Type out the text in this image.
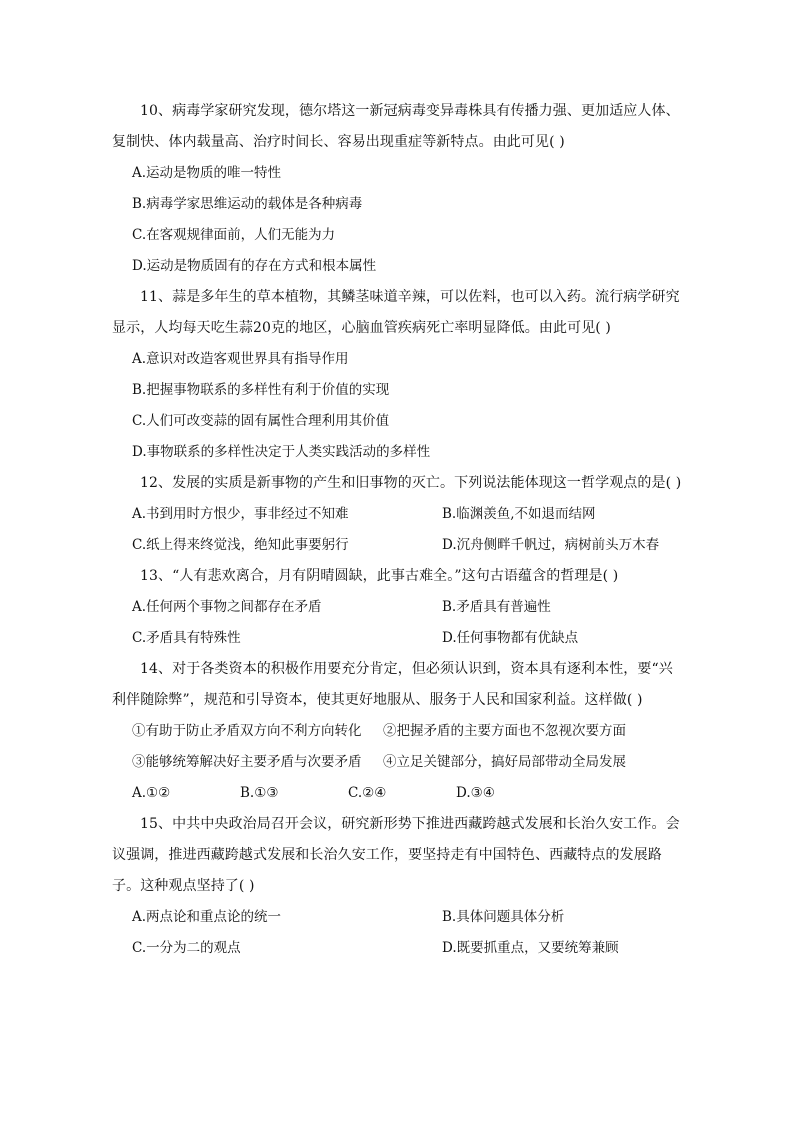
10、病毒学家研究发现，德尔塔这一新冠病毒变异毒株具有传播力强、更加适应人体、复制快、体内载量高、治疗时间长、容易出现重症等新特点。由此可见( )

A.运动是物质的唯一特性

B.病毒学家思维运动的载体是各种病毒

C.在客观规律面前，人们无能为力

D.运动是物质固有的存在方式和根本属性

11、蒜是多年生的草本植物，其鳞茎味道辛辣，可以佐料，也可以入药。流行病学研究显示，人均每天吃生蒜20克的地区，心脑血管疾病死亡率明显降低。由此可见( )

A.意识对改造客观世界具有指导作用

B.把握事物联系的多样性有利于价值的实现

C.人们可改变蒜的固有属性合理利用其价值

D.事物联系的多样性决定于人类实践活动的多样性

12、发展的实质是新事物的产生和旧事物的灭亡。下列说法能体现这一哲学观点的是( )

A.书到用时方恨少，事非经过不知难	B.临渊羡鱼,不如退而结网
C.纸上得来终觉浅，绝知此事要躬行	D.沉舟侧畔千帆过，病树前头万木春

13、“人有悲欢离合，月有阴晴圆缺，此事古难全。”这句古语蕴含的哲理是( )

A.任何两个事物之间都存在矛盾	B.矛盾具有普遍性
C.矛盾具有特殊性	D.任何事物都有优缺点

14、对于各类资本的积极作用要充分肯定，但必须认识到，资本具有逐利本性，要“兴利伴随除弊”，规范和引导资本，使其更好地服从、服务于人民和国家利益。这样做( )

①有助于防止矛盾双方向不利方向转化	②把握矛盾的主要方面也不忽视次要方面
③能够统筹解决好主要矛盾与次要矛盾	④立足关键部分，搞好局部带动全局发展
A.①②	B.①③	C.②④	D.③④

15、中共中央政治局召开会议，研究新形势下推进西藏跨越式发展和长治久安工作。会议强调，推进西藏跨越式发展和长治久安工作，要坚持走有中国特色、西藏特点的发展路子。这种观点坚持了( )

A.两点论和重点论的统一	B.具体问题具体分析
C.一分为二的观点	D.既要抓重点，又要统筹兼顾
